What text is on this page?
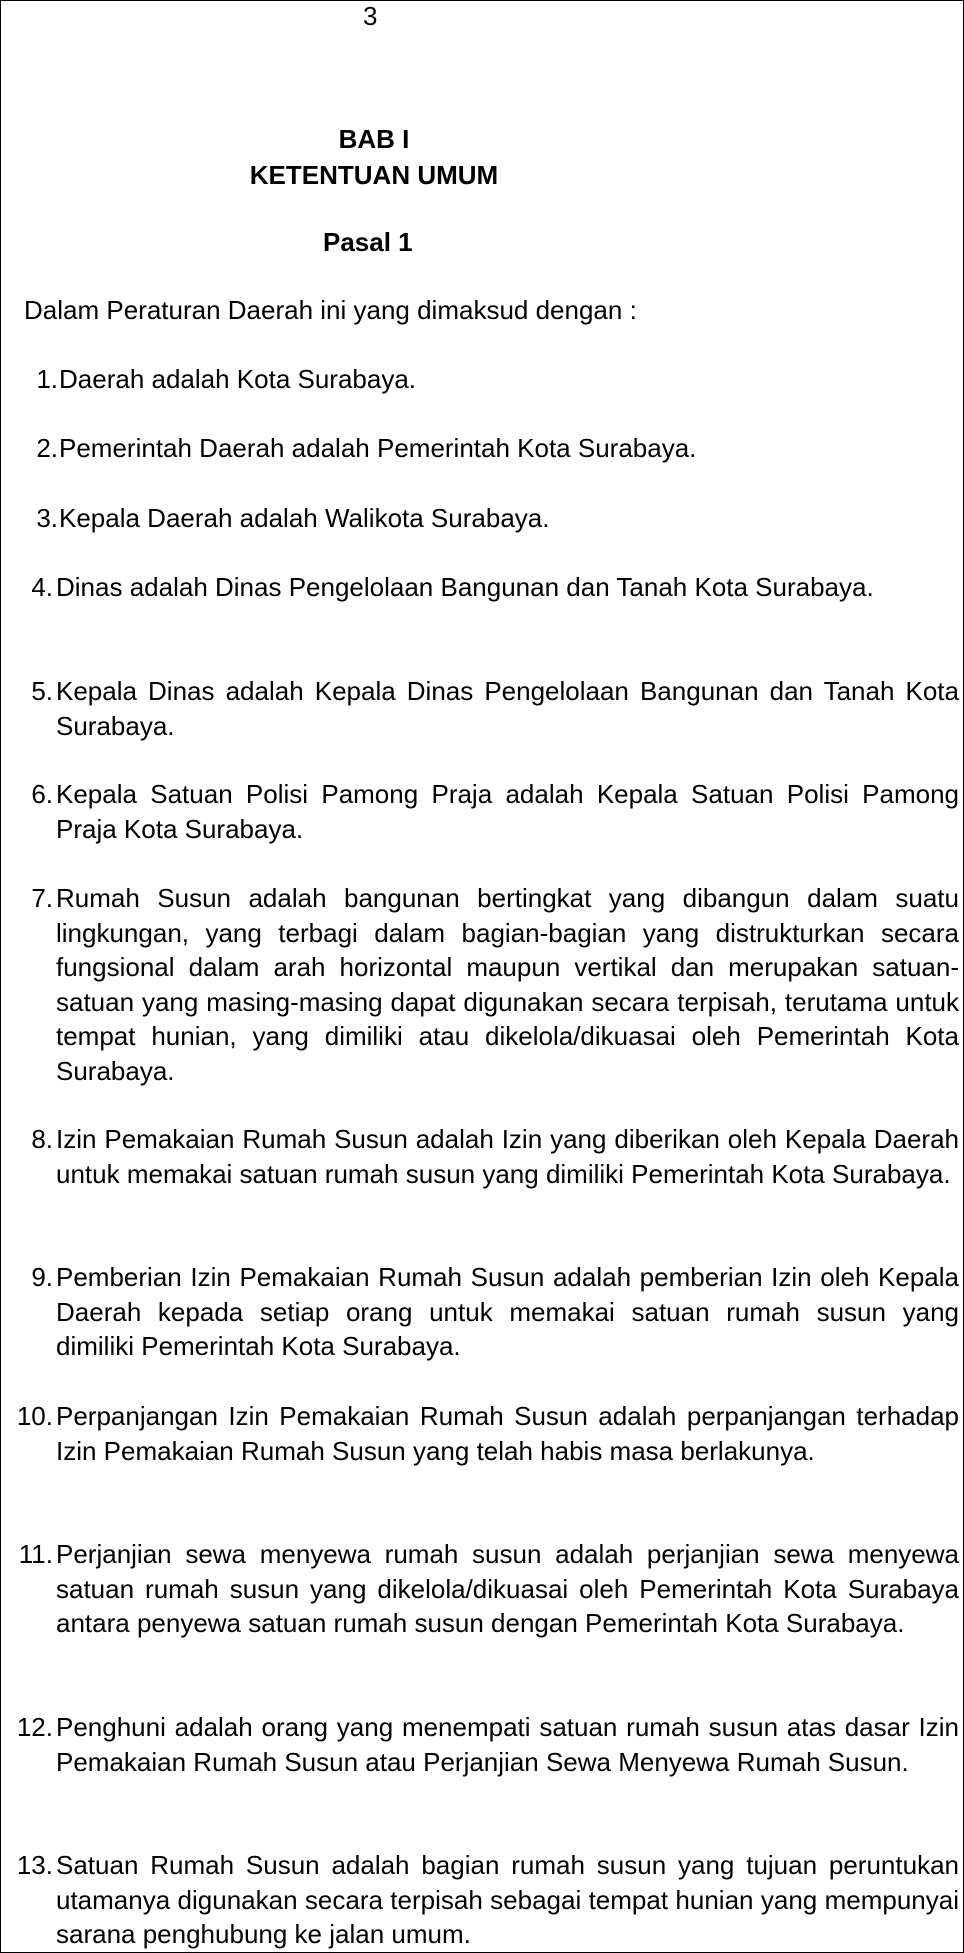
3
BAB I
KETENTUAN UMUM
Pasal 1
Dalam Peraturan Daerah ini yang dimaksud dengan :
1. Daerah adalah Kota Surabaya.
2. Pemerintah Daerah adalah Pemerintah Kota Surabaya.
3. Kepala Daerah adalah Walikota Surabaya.
4. Dinas adalah Dinas Pengelolaan Bangunan dan Tanah Kota Surabaya.
5. Kepala Dinas adalah Kepala Dinas Pengelolaan Bangunan dan Tanah Kota Surabaya.
6. Kepala Satuan Polisi Pamong Praja adalah Kepala Satuan Polisi Pamong Praja Kota Surabaya.
7. Rumah Susun adalah bangunan bertingkat yang dibangun dalam suatu lingkungan, yang terbagi dalam bagian-bagian yang distrukturkan secara fungsional dalam arah horizontal maupun vertikal dan merupakan satuan-satuan yang masing-masing dapat digunakan secara terpisah, terutama untuk tempat hunian, yang dimiliki atau dikelola/dikuasai oleh Pemerintah Kota Surabaya.
8. Izin Pemakaian Rumah Susun adalah Izin yang diberikan oleh Kepala Daerah untuk memakai satuan rumah susun yang dimiliki Pemerintah Kota Surabaya.
9. Pemberian Izin Pemakaian Rumah Susun adalah pemberian Izin oleh Kepala Daerah kepada setiap orang untuk memakai satuan rumah susun yang dimiliki Pemerintah Kota Surabaya.
10. Perpanjangan Izin Pemakaian Rumah Susun adalah perpanjangan terhadap Izin Pemakaian Rumah Susun yang telah habis masa berlakunya.
11. Perjanjian sewa menyewa rumah susun adalah perjanjian sewa menyewa satuan rumah susun yang dikelola/dikuasai oleh Pemerintah Kota Surabaya antara penyewa satuan rumah susun dengan Pemerintah Kota Surabaya.
12. Penghuni adalah orang yang menempati satuan rumah susun atas dasar Izin Pemakaian Rumah Susun atau Perjanjian Sewa Menyewa Rumah Susun.
13. Satuan Rumah Susun adalah bagian rumah susun yang tujuan peruntukan utamanya digunakan secara terpisah sebagai tempat hunian yang mempunyai sarana penghubung ke jalan umum.
